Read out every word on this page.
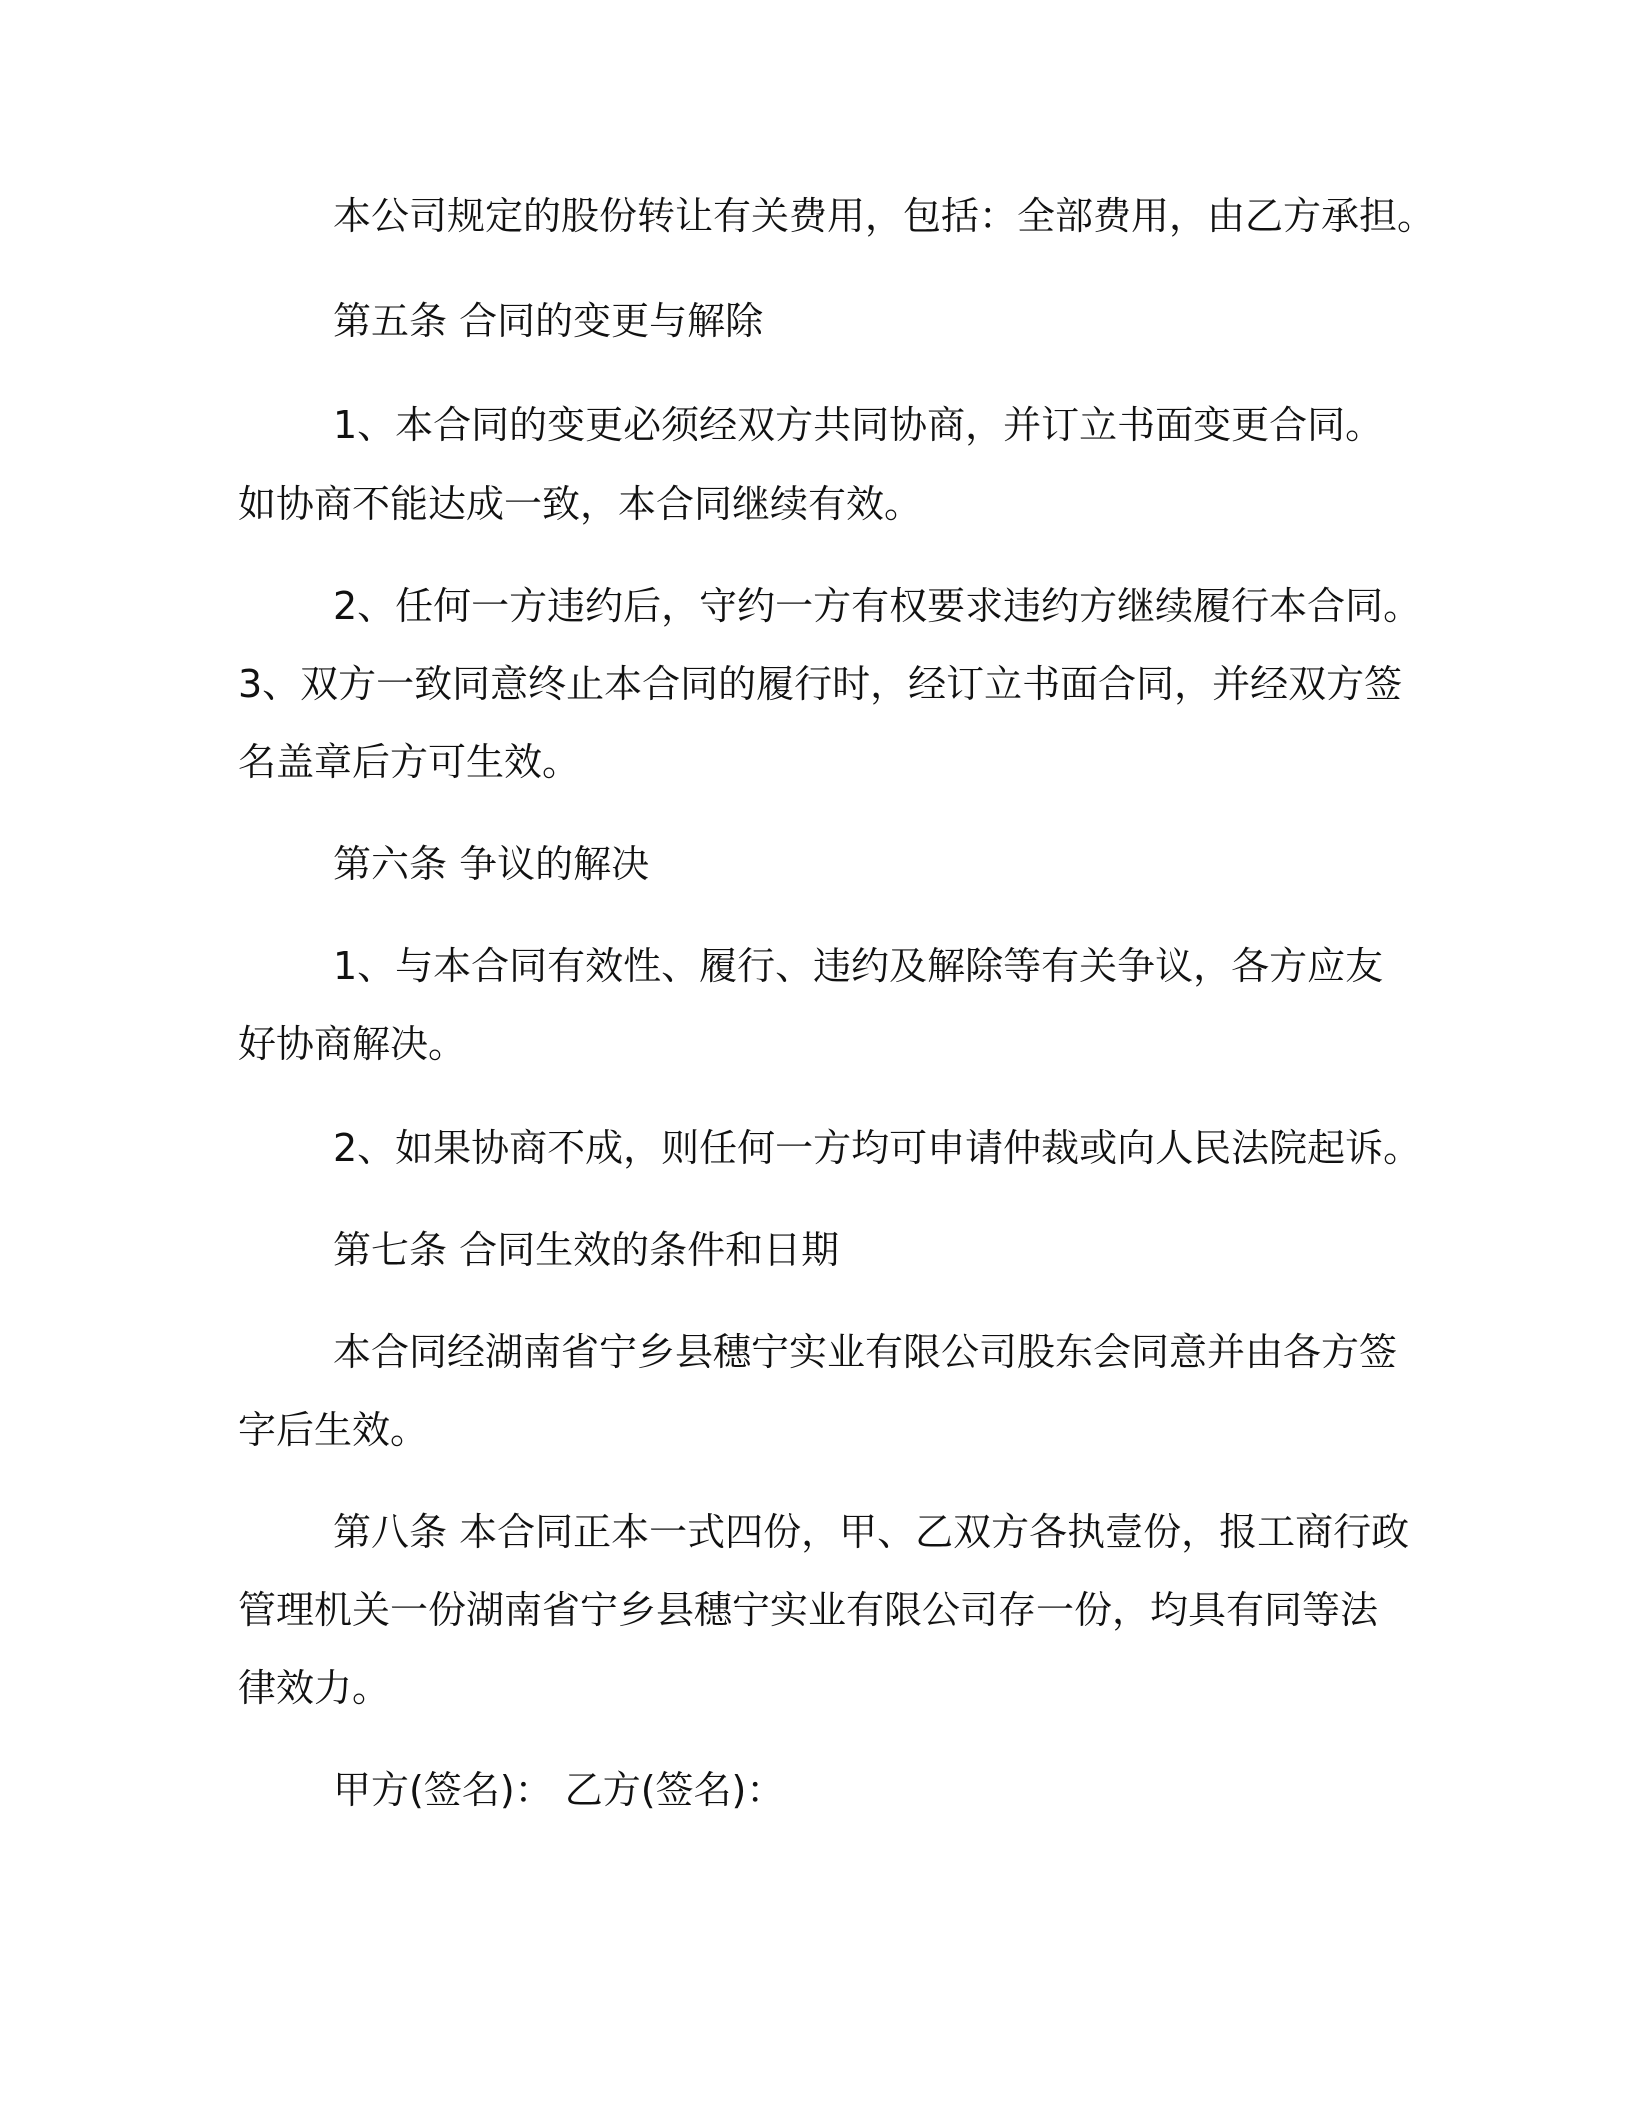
本公司规定的股份转让有关费用，包括：全部费用，由乙方承担。
第五条 合同的变更与解除
1、本合同的变更必须经双方共同协商，并订立书面变更合同。
如协商不能达成一致，本合同继续有效。
2、任何一方违约后，守约一方有权要求违约方继续履行本合同。
3、双方一致同意终止本合同的履行时，经订立书面合同，并经双方签
名盖章后方可生效。
第六条 争议的解决
1、与本合同有效性、履行、违约及解除等有关争议，各方应友
好协商解决。
2、如果协商不成，则任何一方均可申请仲裁或向人民法院起诉。
第七条 合同生效的条件和日期
本合同经湖南省宁乡县穗宁实业有限公司股东会同意并由各方签
字后生效。
第八条 本合同正本一式四份，甲、乙双方各执壹份，报工商行政
管理机关一份湖南省宁乡县穗宁实业有限公司存一份，均具有同等法
律效力。
甲方(签名)： 乙方(签名)：
